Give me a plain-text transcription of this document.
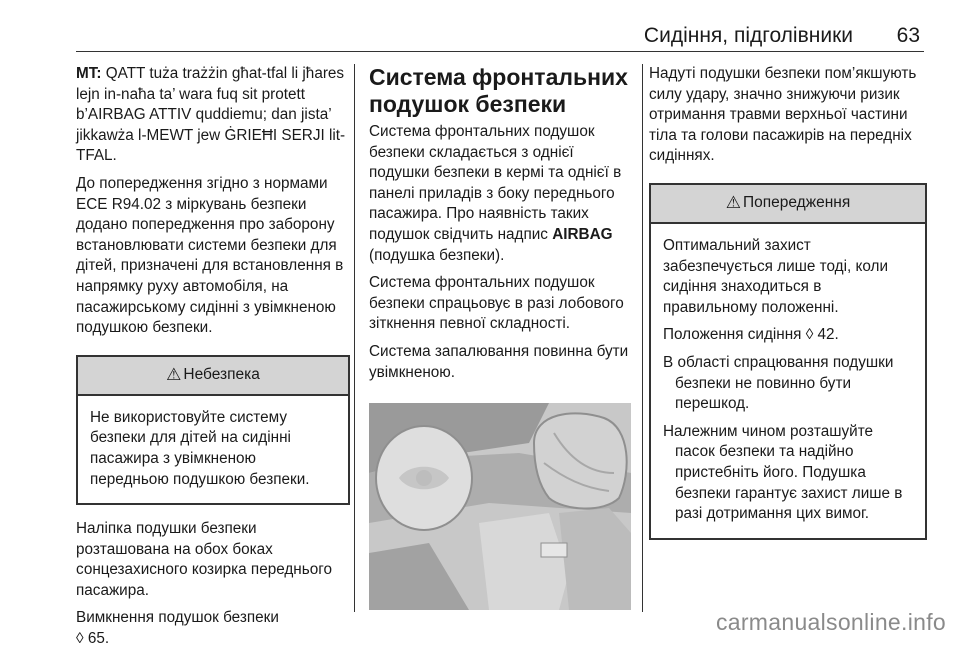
Сидіння, підголівники 63

MT: QATT tuża trażżin għat-tfal li jħares lejn in-naħa ta’ wara fuq sit protett b’AIRBAG ATTIV quddiemu; dan jista’ jikkawża l-MEWT jew ĠRIEĦI SERJI lit-TFAL.

До попередження згідно з нормами ECE R94.02 з міркувань безпеки додано попередження про заборону встановлювати системи безпеки для дітей, призначені для встановлення в напрямку руху автомобіля, на пасажирському сидінні з увімкненою подушкою безпеки.

⚠ Небезпека

Не використовуйте систему безпеки для дітей на сидінні пасажира з увімкненою передньою подушкою безпеки.

Наліпка подушки безпеки розташована на обох боках сонцезахисного козирка переднього пасажира.

Вимкнення подушок безпеки
◊ 65.

Система фронтальних подушок безпеки

Система фронтальних подушок безпеки складається з однієї подушки безпеки в кермі та однієї в панелі приладів з боку переднього пасажира. Про наявність таких подушок свідчить надпис AIRBAG (подушка безпеки).

Система фронтальних подушок безпеки спрацьовує в разі лобового зіткнення певної складності.

Система запалювання повинна бути увімкненою.

Надуті подушки безпеки пом’якшують силу удару, значно знижуючи ризик отримання травми верхньої частини тіла та голови пасажирів на передніх сидіннях.

⚠ Попередження

Оптимальний захист забезпечується лише тоді, коли сидіння знаходиться в правильному положенні.

Положення сидіння ◊ 42.

В області спрацювання подушки безпеки не повинно бути перешкод.

Належним чином розташуйте пасок безпеки та надійно пристебніть його. Подушка безпеки гарантує захист лише в разі дотримання цих вимог.

carmanualsonline.info
